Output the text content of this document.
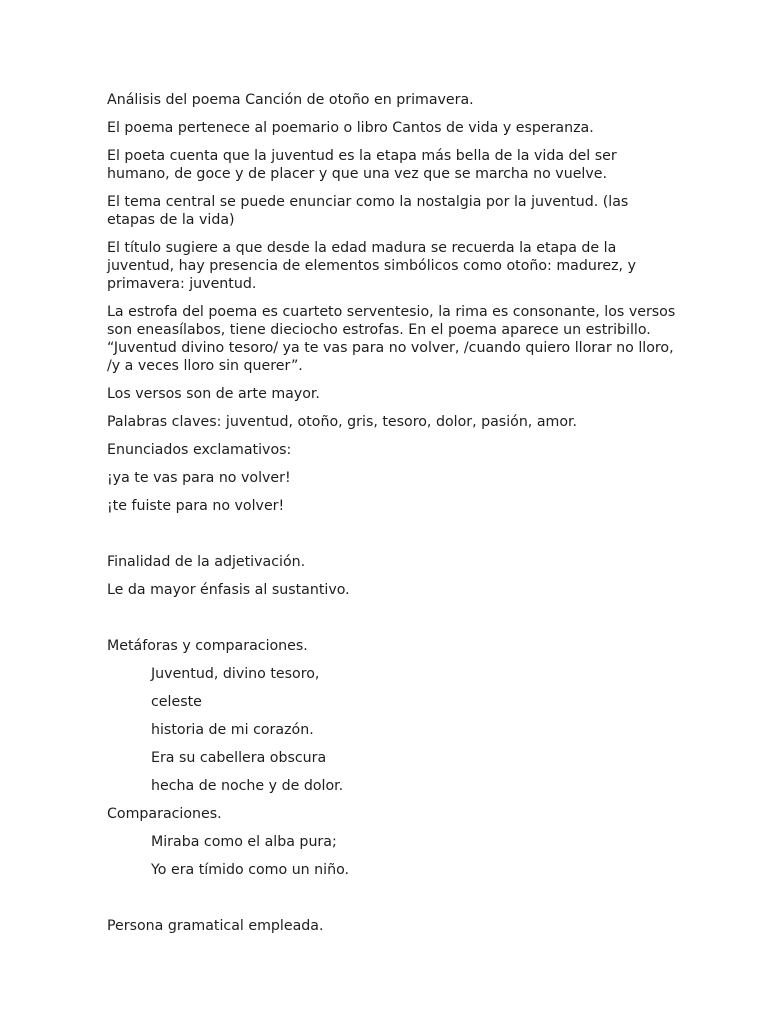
Análisis del poema Canción de otoño en primavera.

El poema pertenece al poemario o libro Cantos de vida y esperanza.

El poeta cuenta que la juventud es la etapa más bella de la vida del ser
humano, de goce y de placer y que una vez que se marcha no vuelve.

El tema central se puede enunciar como la nostalgia por la juventud. (las
etapas de la vida)

El título sugiere a que desde la edad madura se recuerda la etapa de la
juventud, hay presencia de elementos simbólicos como otoño: madurez, y
primavera: juventud.

La estrofa del poema es cuarteto serventesio, la rima es consonante, los versos
son eneasílabos, tiene dieciocho estrofas. En el poema aparece un estribillo.
“Juventud divino tesoro/ ya te vas para no volver, /cuando quiero llorar no lloro,
/y a veces lloro sin querer”.

Los versos son de arte mayor.

Palabras claves: juventud, otoño, gris, tesoro, dolor, pasión, amor.

Enunciados exclamativos:

¡ya te vas para no volver!

¡te fuiste para no volver!

Finalidad de la adjetivación.

Le da mayor énfasis al sustantivo.

Metáforas y comparaciones.

Juventud, divino tesoro,

celeste

historia de mi corazón.

Era su cabellera obscura

hecha de noche y de dolor.

Comparaciones.

Miraba como el alba pura;

Yo era tímido como un niño.

Persona gramatical empleada.
